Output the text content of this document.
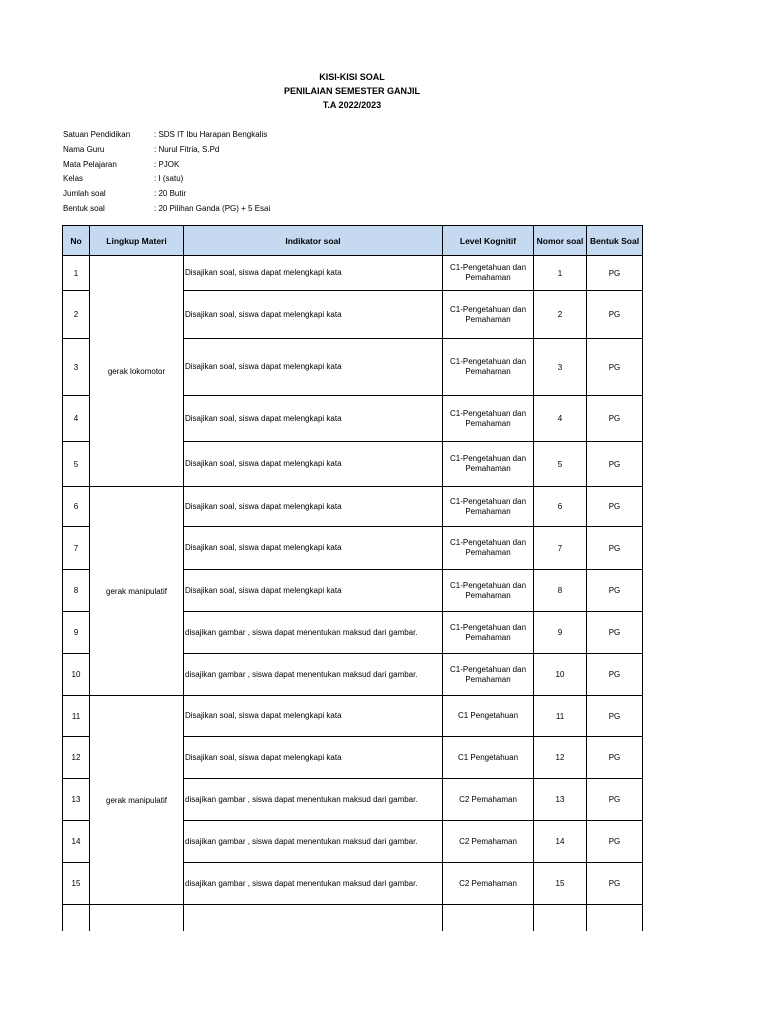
KISI-KISI SOAL
PENILAIAN SEMESTER GANJIL
T.A 2022/2023
Satuan Pendidikan	: SDS IT Ibu Harapan Bengkalis
Nama Guru	: Nurul Fitria, S.Pd
Mata Pelajaran	: PJOK
Kelas	: I (satu)
Jumlah soal	: 20 Butir
Bentuk soal	: 20 Pilihan Ganda (PG) + 5 Esai
No	Lingkup Materi	Indikator soal	Level Kognitif	Nomor soal	Bentuk Soal
1	gerak lokomotor	Disajikan soal, siswa dapat melengkapi kata	C1-Pengetahuan dan Pemahaman	1	PG
2		Disajikan soal, siswa dapat melengkapi kata	C1-Pengetahuan dan Pemahaman	2	PG
3		Disajikan soal, siswa dapat melengkapi kata	C1-Pengetahuan dan Pemahaman	3	PG
4		Disajikan soal, siswa dapat melengkapi kata	C1-Pengetahuan dan Pemahaman	4	PG
5		Disajikan soal, siswa dapat melengkapi kata	C1-Pengetahuan dan Pemahaman	5	PG
6	gerak manipulatif	Disajikan soal, siswa dapat melengkapi kata	C1-Pengetahuan dan Pemahaman	6	PG
7		Disajikan soal, siswa dapat melengkapi kata	C1-Pengetahuan dan Pemahaman	7	PG
8		Disajikan soal, siswa dapat melengkapi kata	C1-Pengetahuan dan Pemahaman	8	PG
9		disajikan gambar , siswa dapat menentukan maksud dari gambar.	C1-Pengetahuan dan Pemahaman	9	PG
10		disajikan gambar , siswa dapat menentukan maksud dari gambar.	C1-Pengetahuan dan Pemahaman	10	PG
11	gerak manipulatif	Disajikan soal, siswa dapat melengkapi kata	C1 Pengetahuan	11	PG
12		Disajikan soal, siswa dapat melengkapi kata	C1 Pengetahuan	12	PG
13		disajikan gambar , siswa dapat menentukan maksud dari gambar.	C2 Pemahaman	13	PG
14		disajikan gambar , siswa dapat menentukan maksud dari gambar.	C2 Pemahaman	14	PG
15		disajikan gambar , siswa dapat menentukan maksud dari gambar.	C2 Pemahaman	15	PG
